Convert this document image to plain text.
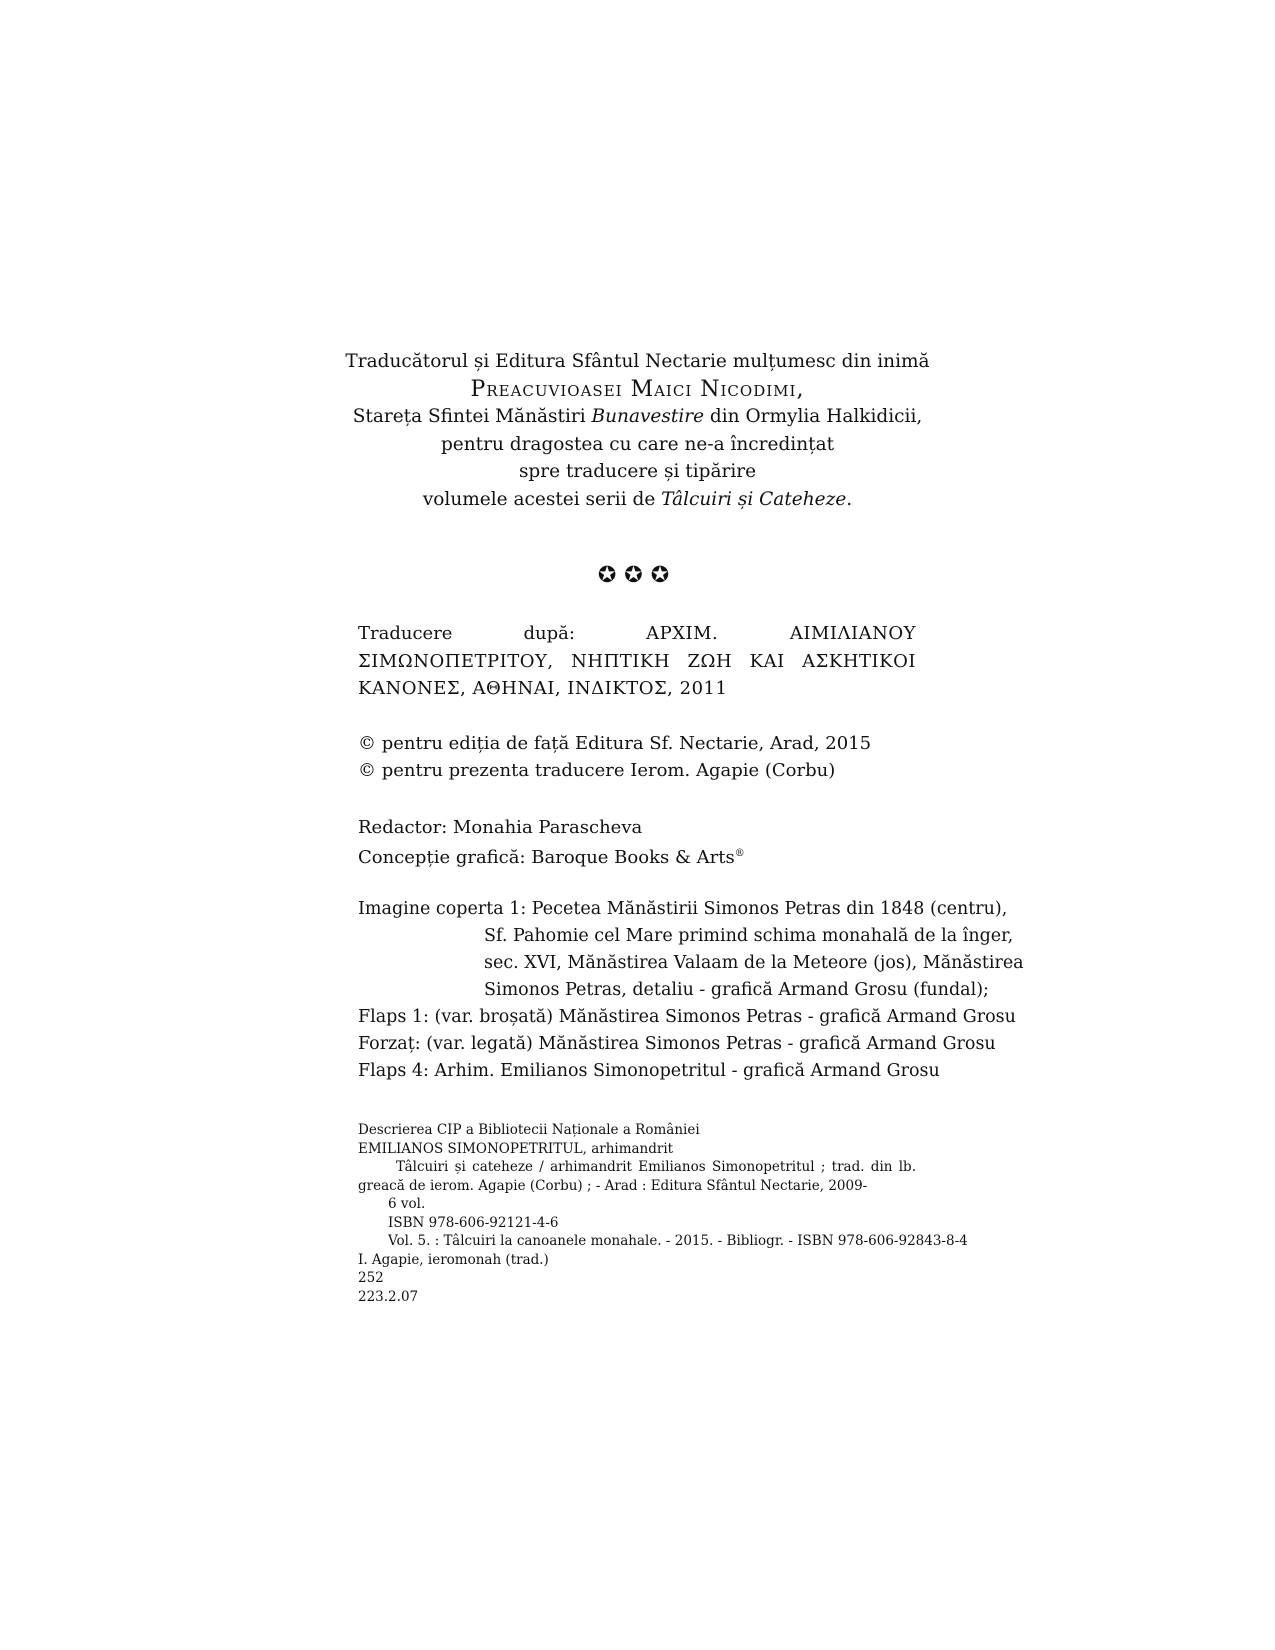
Traducătorul și Editura Sfântul Nectarie mulțumesc din inimă
Preacuvioasei Maici Nicodimi,
Starețа Sfintei Mănăstiri Bunavestire din Ormylia Halkidicii,
pentru dragostea cu care ne-a încredințat
spre traducere și tipărire
volumele acestei serii de Tâlcuiri și Cateheze.
✪✪✪
Traducere după: ΑΡΧΙΜ. ΑΙΜΙΛΙΑΝΟΥ ΣΙΜΩΝΟΠΕΤΡΙΤΟΥ, ΝΗΠΤΙΚΗ ΖΩΗ ΚΑΙ ΑΣΚΗΤΙΚΟΙ ΚΑΝΟΝΕΣ, ΑΘΗΝΑΙ, ΙΝΔΙΚΤΟΣ, 2011
© pentru ediția de față Editura Sf. Nectarie, Arad, 2015
© pentru prezenta traducere Ierom. Agapie (Corbu)
Redactor: Monahia Parascheva
Concepție grafică: Baroque Books & Arts®
Imagine coperta 1: Pecetea Mănăstirii Simonos Petras din 1848 (centru),
Sf. Pahomie cel Mare primind schima monahală de la înger,
sec. XVI, Mănăstirea Valaam de la Meteore (jos), Mănăstirea
Simonos Petras, detaliu - grafică Armand Grosu (fundal);
Flaps 1: (var. broșată) Mănăstirea Simonos Petras - grafică Armand Grosu
Forzaț: (var. legată) Mănăstirea Simonos Petras - grafică Armand Grosu
Flaps 4: Arhim. Emilianos Simonopetritul - grafică Armand Grosu
Descrierea CIP a Bibliotecii Naționale a României
EMILIANOS SIMONOPETRITUL, arhimandrit
Tâlcuiri și cateheze / arhimandrit Emilianos Simonopetritul ; trad. din lb. greacă de ierom. Agapie (Corbu) ; - Arad : Editura Sfântul Nectarie, 2009-
6 vol.
ISBN 978-606-92121-4-6
Vol. 5. : Tâlcuiri la canoanele monahale. - 2015. - Bibliogr. - ISBN 978-606-92843-8-4
I. Agapie, ieromonah (trad.)
252
223.2.07
